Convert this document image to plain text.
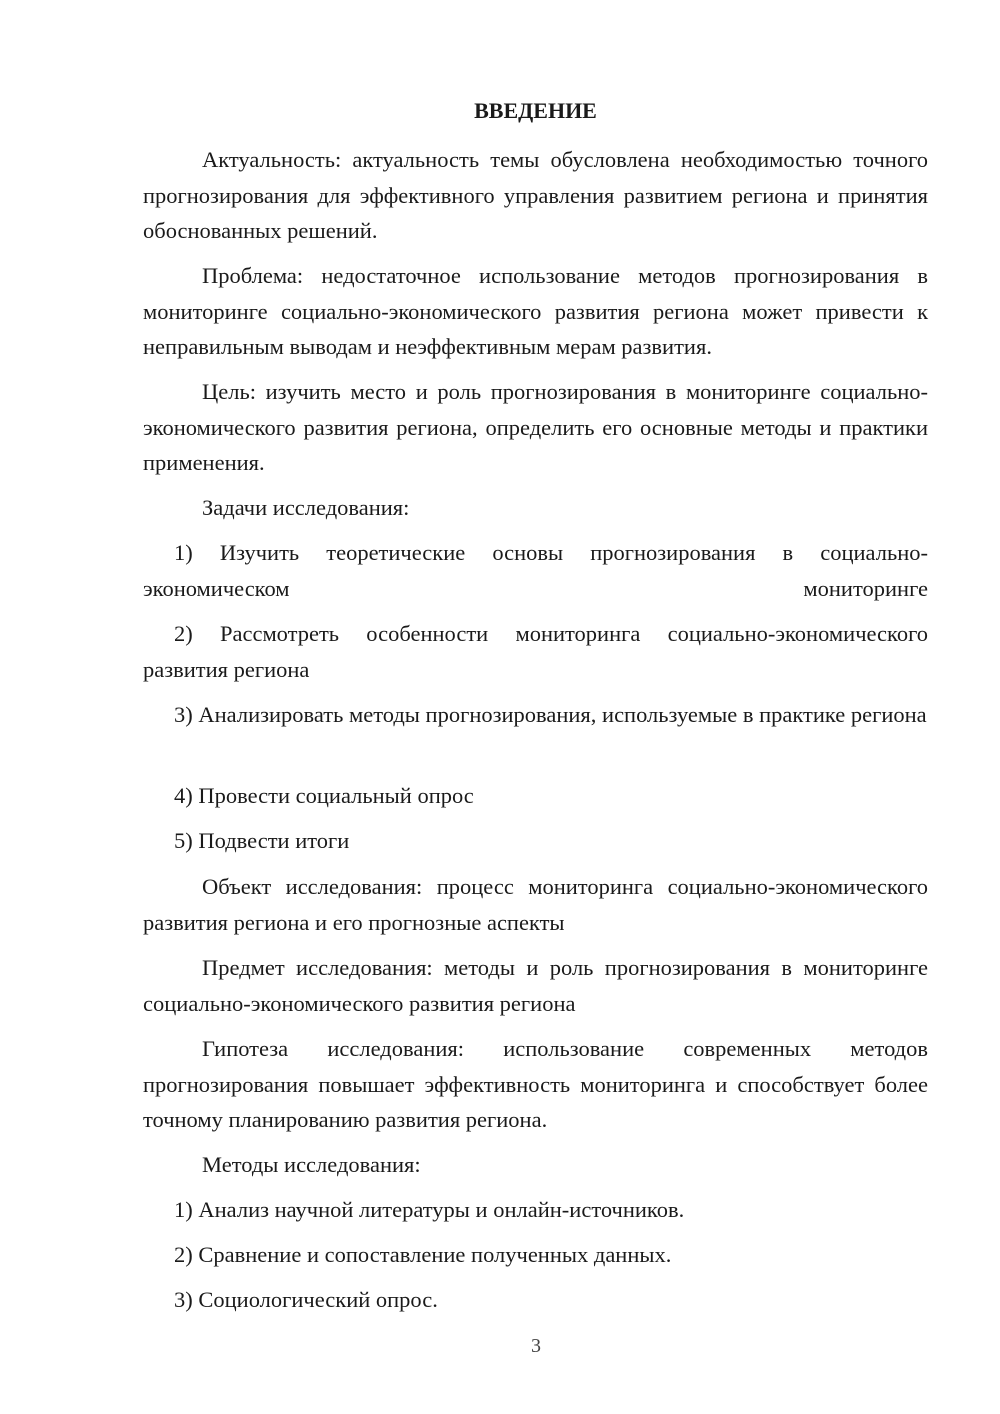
ВВЕДЕНИЕ

Актуальность: актуальность темы обусловлена необходимостью точного прогнозирования для эффективного управления развитием региона и принятия обоснованных решений.

Проблема: недостаточное использование методов прогнозирования в мониторинге социально-экономического развития региона может привести к неправильным выводам и неэффективным мерам развития.

Цель: изучить место и роль прогнозирования в мониторинге социально-экономического развития региона, определить его основные методы и практики применения.

Задачи исследования:

1) Изучить теоретические основы прогнозирования в социально-экономическом мониторинге

2) Рассмотреть особенности мониторинга социально-экономического развития региона

3) Анализировать методы прогнозирования, используемые в практике региона

4) Провести социальный опрос

5) Подвести итоги

Объект исследования: процесс мониторинга социально-экономического развития региона и его прогнозные аспекты

Предмет исследования: методы и роль прогнозирования в мониторинге социально-экономического развития региона

Гипотеза исследования: использование современных методов прогнозирования повышает эффективность мониторинга и способствует более точному планированию развития региона.

Методы исследования:

1) Анализ научной литературы и онлайн-источников.

2) Сравнение и сопоставление полученных данных.

3) Социологический опрос.

3
